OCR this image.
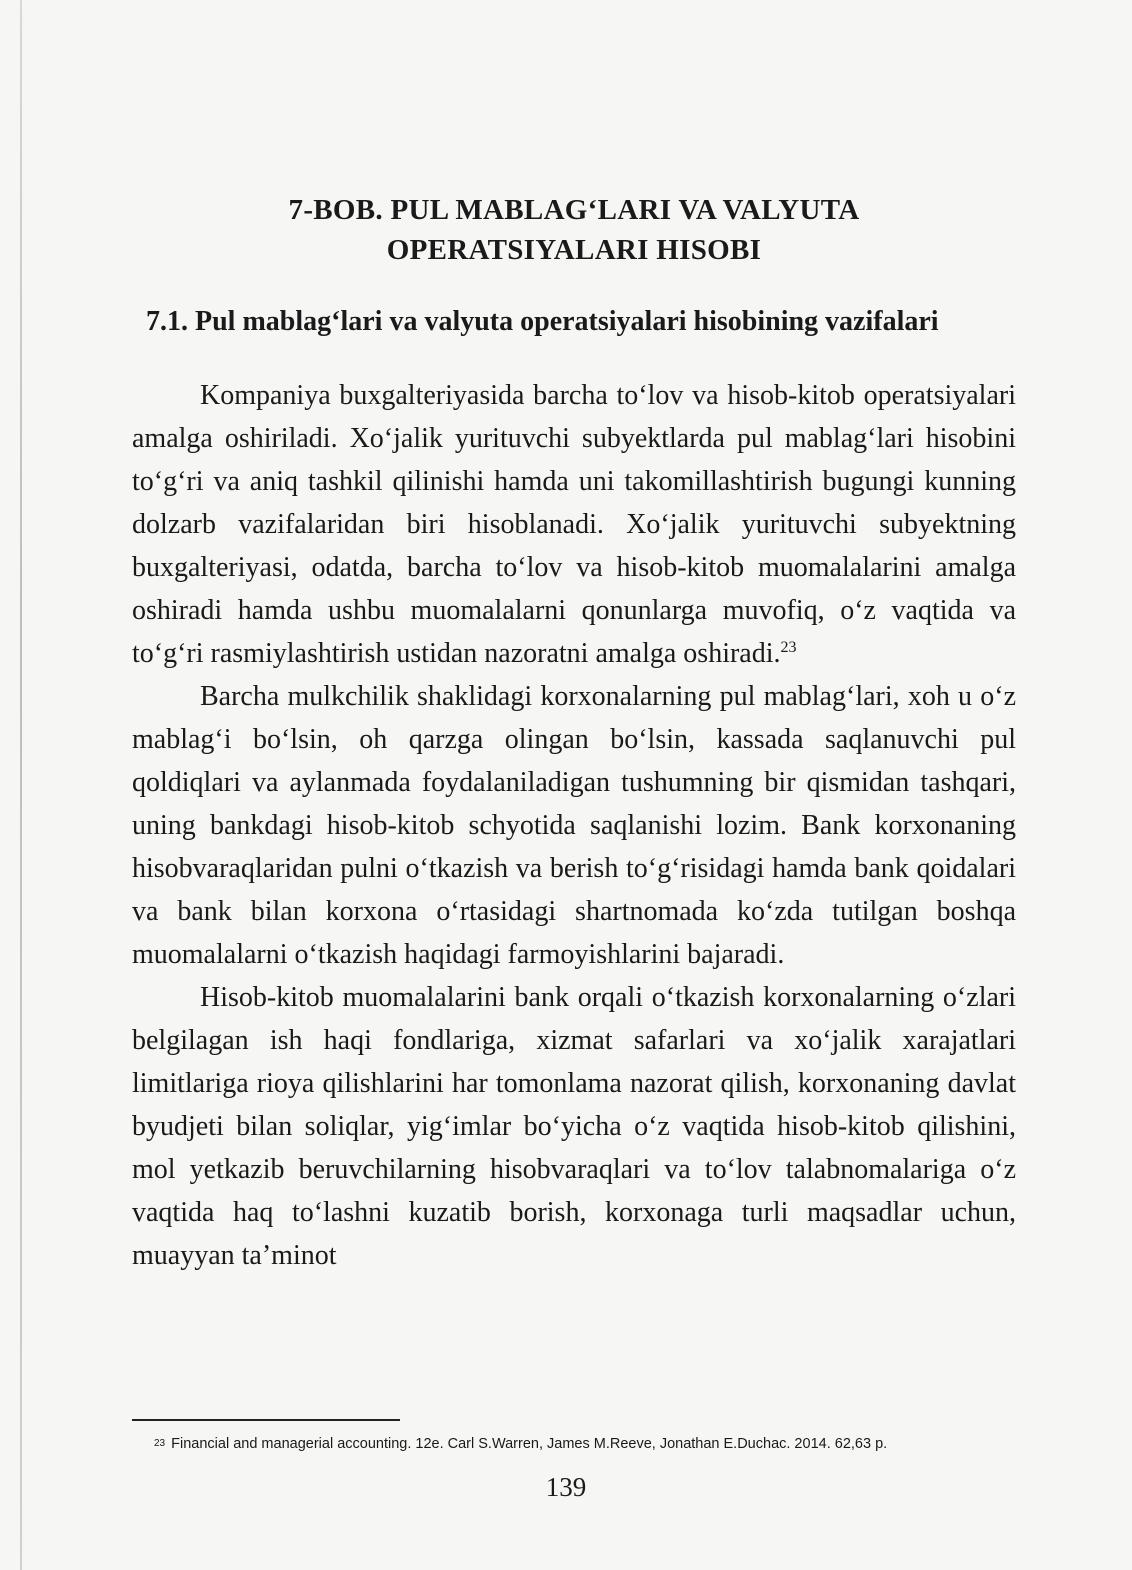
7-BOB. PUL MABLAG‘LARI VA VALYUTA
OPERATSIYALARI HISOBI
7.1. Pul mablag‘lari va valyuta operatsiyalari hisobining vazifalari

Kompaniya buxgalteriyasida barcha to‘lov va hisob-kitob operatsiyalari amalga oshiriladi. Xo‘jalik yurituvchi subyektlarda pul mablag‘lari hisobini to‘g‘ri va aniq tashkil qilinishi hamda uni takomillashtirish bugungi kunning dolzarb vazifalaridan biri hisoblanadi. Xo‘jalik yurituvchi subyektning buxgalteriyasi, odatda, barcha to‘lov va hisob-kitob muomalalarini amalga oshiradi hamda ushbu muomalalarni qonunlarga muvofiq, o‘z vaqtida va to‘g‘ri rasmiylashtirish ustidan nazoratni amalga oshiradi.$^{23}$

Barcha mulkchilik shaklidagi korxonalarning pul mablag‘lari, xoh u o‘z mablag‘i bo‘lsin, oh qarzga olingan bo‘lsin, kassada saqlanuvchi pul qoldiqlari va aylanmada foydalaniladigan tushumning bir qismidan tashqari, uning bankdagi hisob-kitob schyotida saqlanishi lozim. Bank korxonaning hisobvaraqlaridan pulni o‘tkazish va berish to‘g‘risidagi hamda bank qoidalari va bank bilan korxona o‘rtasidagi shartnomada ko‘zda tutilgan boshqa muomalalarni o‘tkazish haqidagi farmoyishlarini bajaradi.

Hisob-kitob muomalalarini bank orqali o‘tkazish korxonalarning o‘zlari belgilagan ish haqi fondlariga, xizmat safarlari va xo‘jalik xarajatlari limitlariga rioya qilishlarini har tomonlama nazorat qilish, korxonaning davlat byudjeti bilan soliqlar, yig‘imlar bo‘yicha o‘z vaqtida hisob-kitob qilishini, mol yetkazib beruvchilarning hisobvaraqlari va to‘lov talabnomalariga o‘z vaqtida haq to‘lashni kuzatib borish, korxonaga turli maqsadlar uchun, muayyan ta’minot

$^{23}$ Financial and managerial accounting. 12e. Carl S.Warren, James M.Reeve, Jonathan E.Duchac. 2014. 62,63 p.
139
